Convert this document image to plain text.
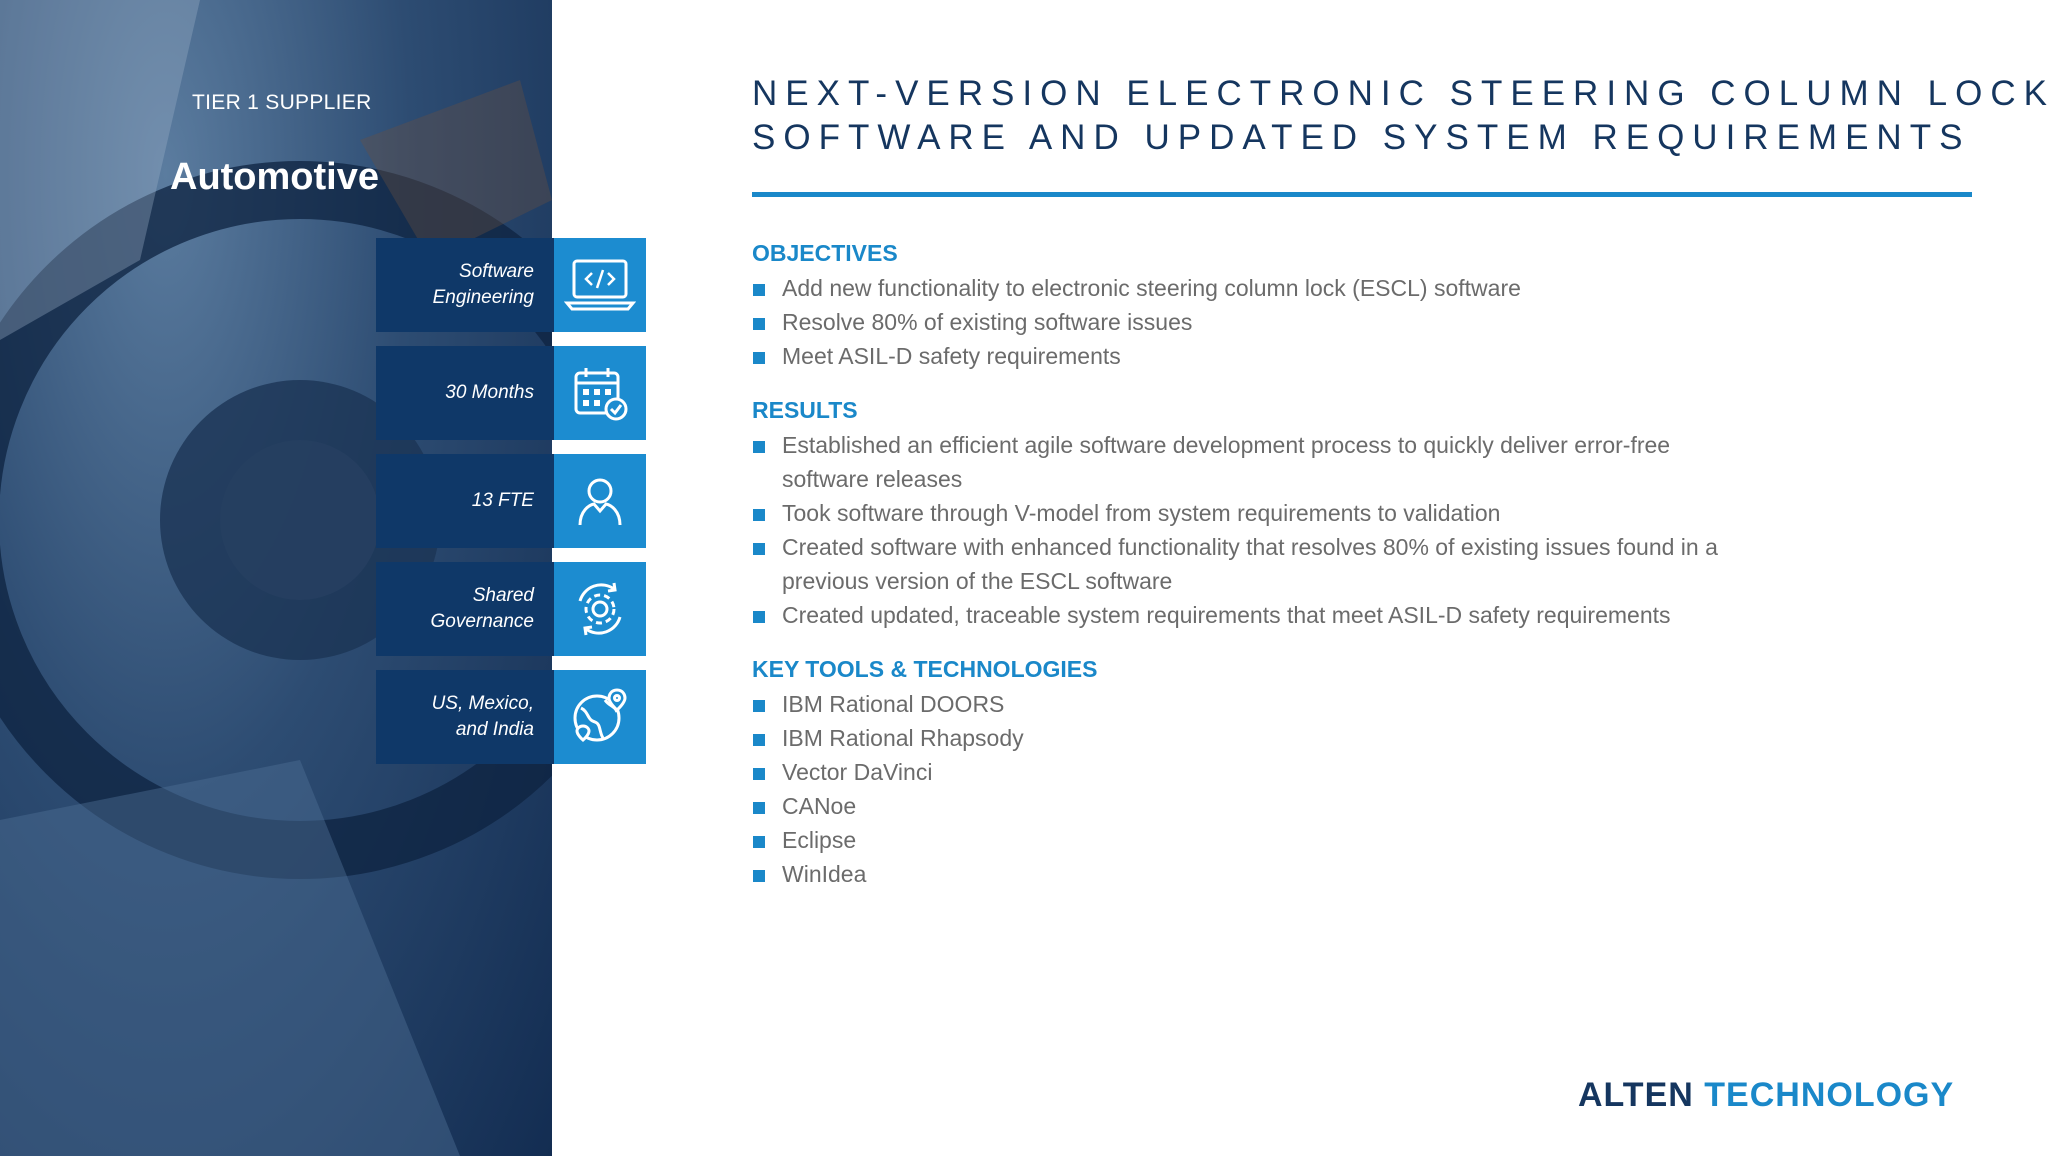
TIER 1 SUPPLIER
Automotive
Software
Engineering
30 Months
13 FTE
Shared
Governance
US, Mexico,
and India
NEXT-VERSION ELECTRONIC STEERING COLUMN LOCK
SOFTWARE AND UPDATED SYSTEM REQUIREMENTS
OBJECTIVES
Add new functionality to electronic steering column lock (ESCL) software
Resolve 80% of existing software issues
Meet ASIL-D safety requirements
RESULTS
Established an efficient agile software development process to quickly deliver error-free
software releases
Took software through V-model from system requirements to validation
Created software with enhanced functionality that resolves 80% of existing issues found in a
previous version of the ESCL software
Created updated, traceable system requirements that meet ASIL-D safety requirements
KEY TOOLS & TECHNOLOGIES
IBM Rational DOORS
IBM Rational Rhapsody
Vector DaVinci
CANoe
Eclipse
WinIdea
ALTEN TECHNOLOGY
